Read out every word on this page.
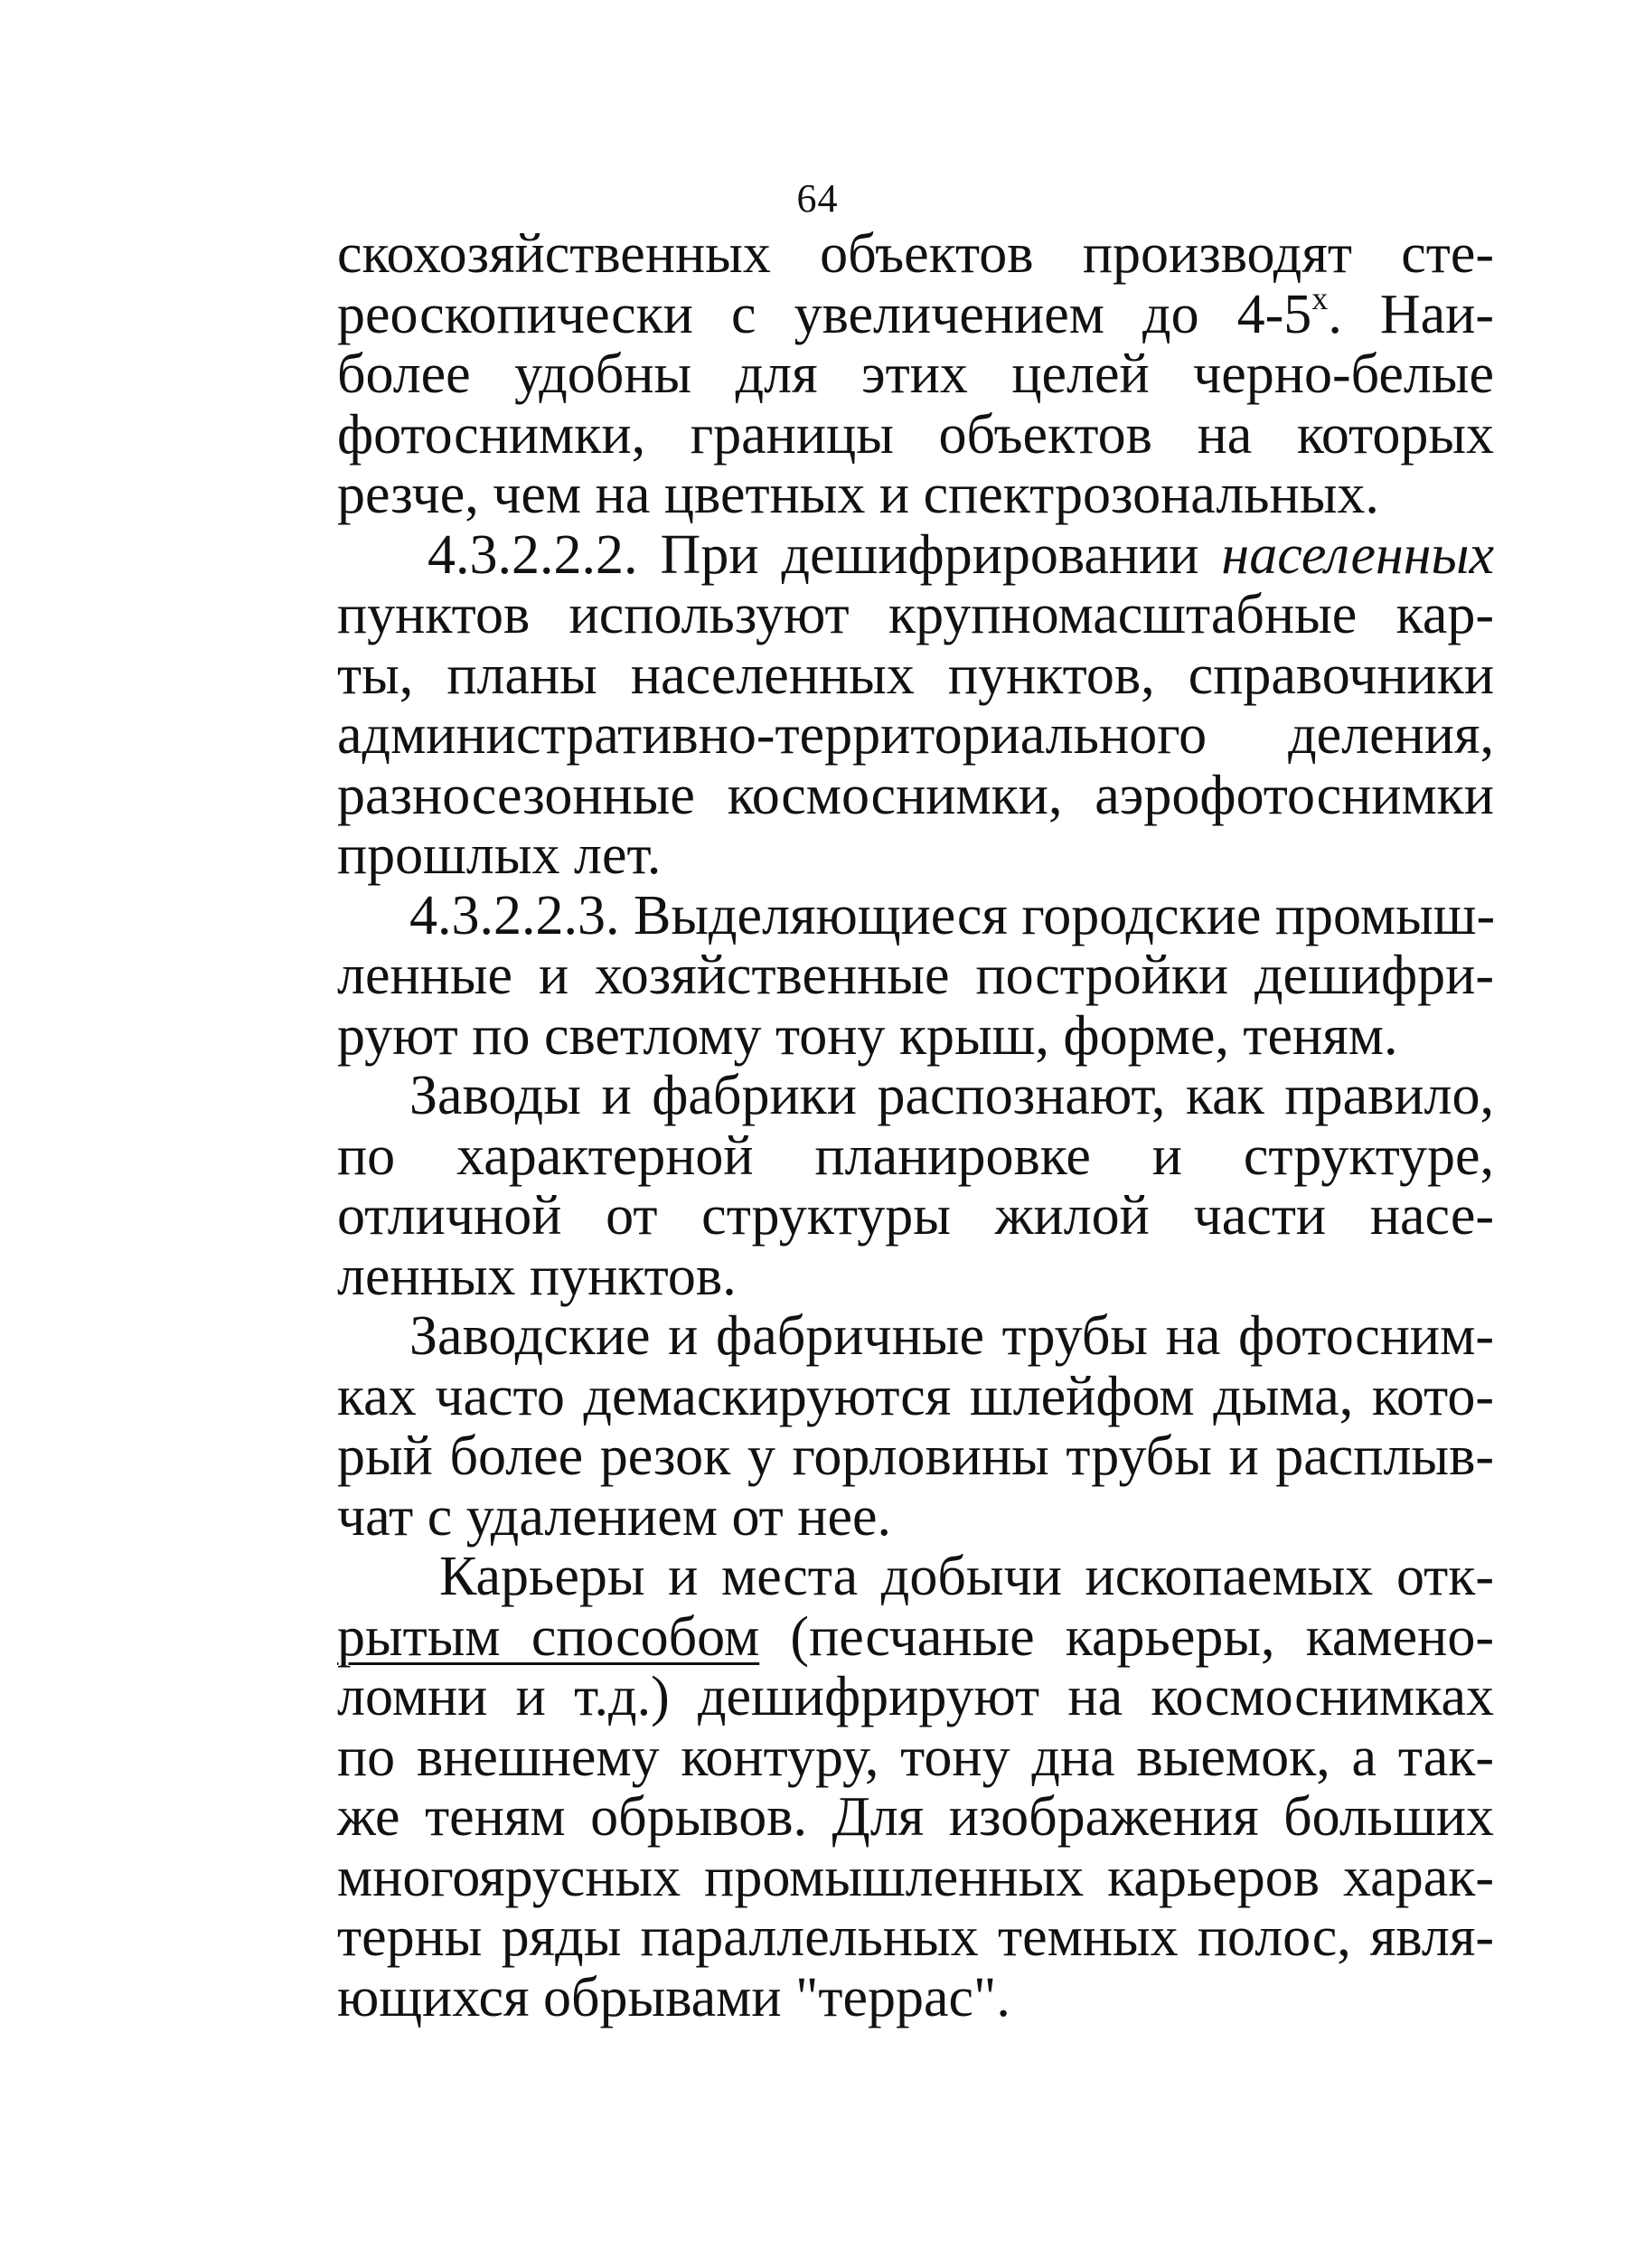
64
скохозяйственных объектов производят сте-
реоскопически с увеличением до $4-5^х$. Наи-
более удобны для этих целей черно-белые
фотоснимки, границы объектов на которых
резче, чем на цветных и спектрозональных.
4.3.2.2.2. При дешифрировании населенных
пунктов используют крупномасштабные кар-
ты, планы населенных пунктов, справочники
административно-территориального деления,
разносезонные космоснимки, аэрофотоснимки
прошлых лет.
4.3.2.2.3. Выделяющиеся городские промыш-
ленные и хозяйственные постройки дешифри-
руют по светлому тону крыш, форме, теням.
Заводы и фабрики распознают, как правило,
по характерной планировке и структуре,
отличной от структуры жилой части насе-
ленных пунктов.
Заводские и фабричные трубы на фотосним-
ках часто демаскируются шлейфом дыма, кото-
рый более резок у горловины трубы и расплыв-
чат с удалением от нее.
Карьеры и места добычи ископаемых отк-
рытым способом (песчаные карьеры, камено-
ломни и т.д.) дешифрируют на космоснимках
по внешнему контуру, тону дна выемок, а так-
же теням обрывов. Для изображения больших
многоярусных промышленных карьеров харак-
терны ряды параллельных темных полос, явля-
ющихся обрывами "террас".
